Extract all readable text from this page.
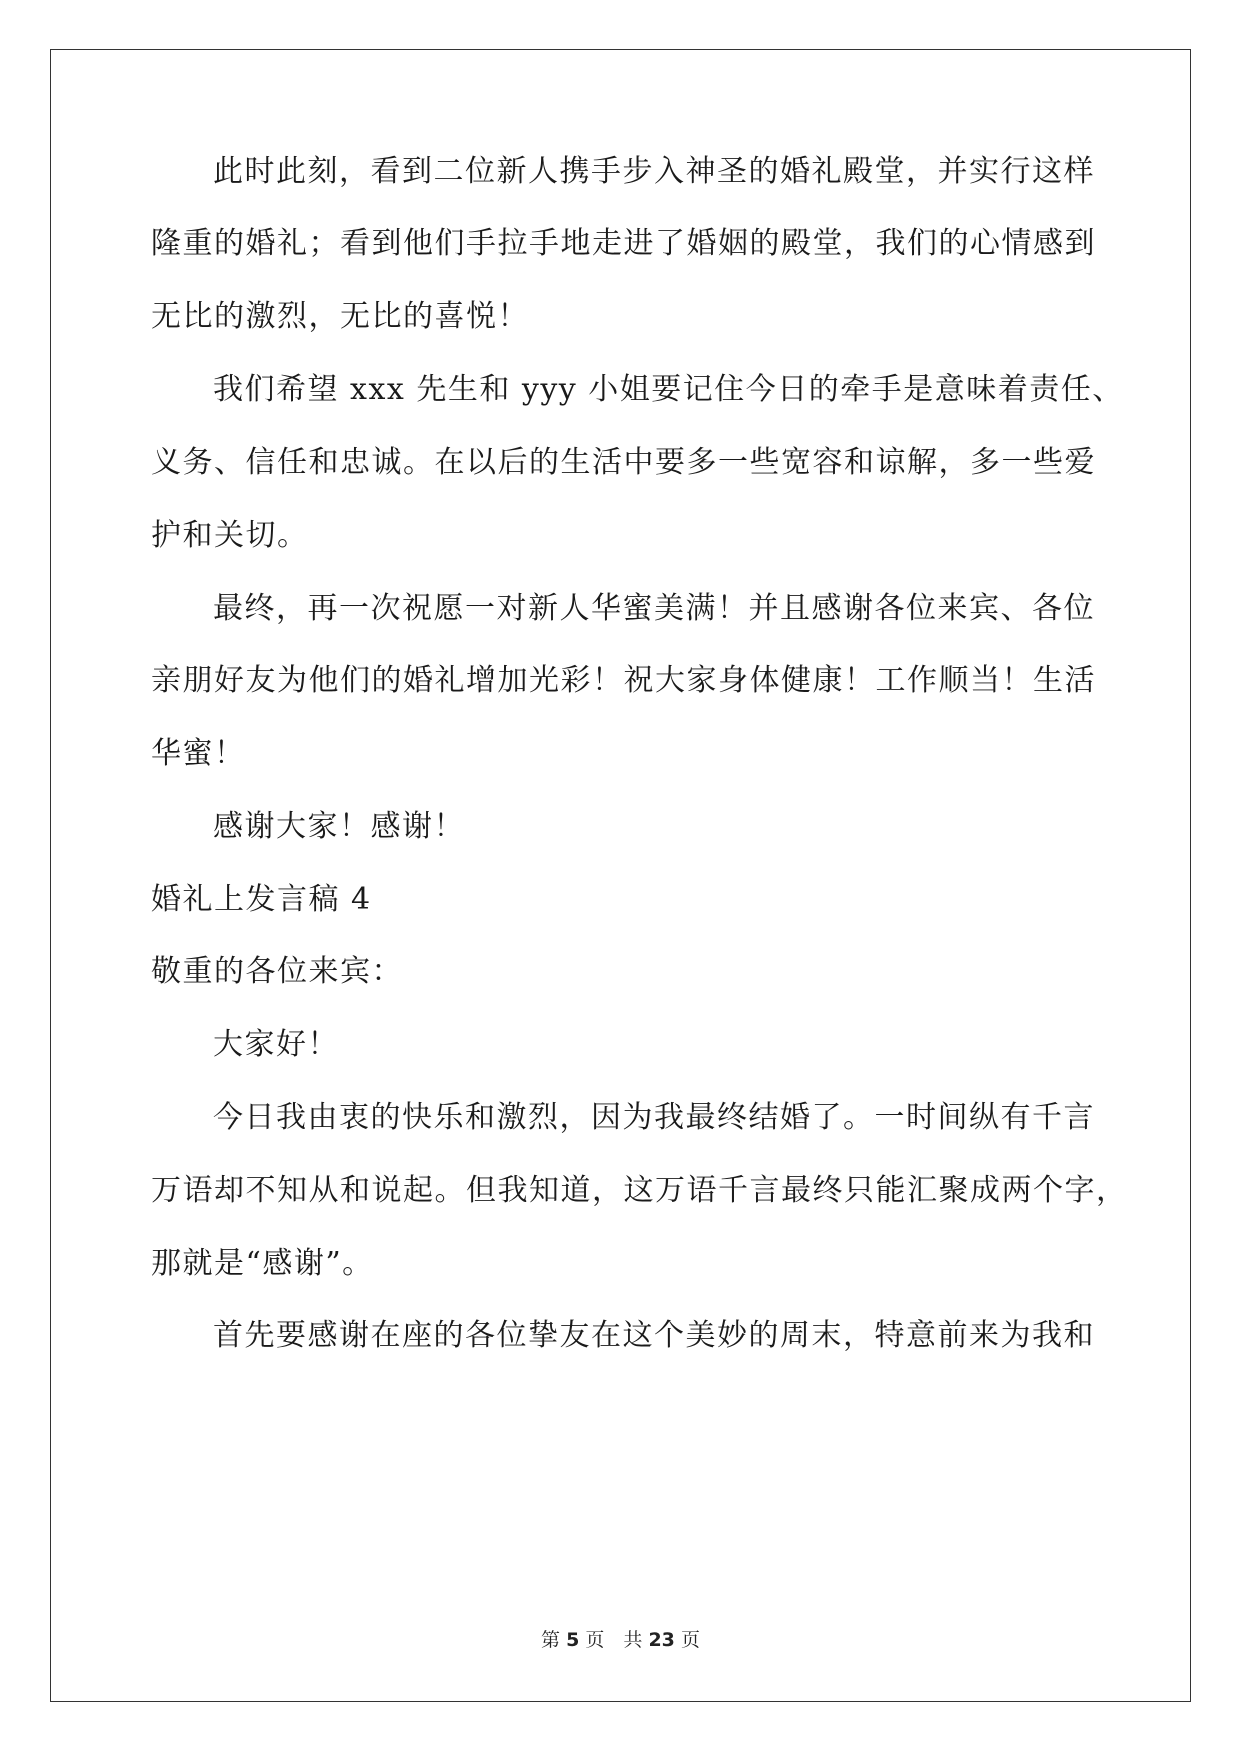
此时此刻，看到二位新人携手步入神圣的婚礼殿堂，并实行这样
隆重的婚礼；看到他们手拉手地走进了婚姻的殿堂，我们的心情感到
无比的激烈，无比的喜悦！
我们希望 xxx 先生和 yyy 小姐要记住今日的牵手是意味着责任、
义务、信任和忠诚。在以后的生活中要多一些宽容和谅解，多一些爱
护和关切。
最终，再一次祝愿一对新人华蜜美满！并且感谢各位来宾、各位
亲朋好友为他们的婚礼增加光彩！祝大家身体健康！工作顺当！生活
华蜜！
感谢大家！感谢！
婚礼上发言稿 4
敬重的各位来宾：
大家好！
今日我由衷的快乐和激烈，因为我最终结婚了。一时间纵有千言
万语却不知从和说起。但我知道，这万语千言最终只能汇聚成两个字，
那就是“感谢”。
首先要感谢在座的各位挚友在这个美妙的周末，特意前来为我和
第 5 页　共 23 页
